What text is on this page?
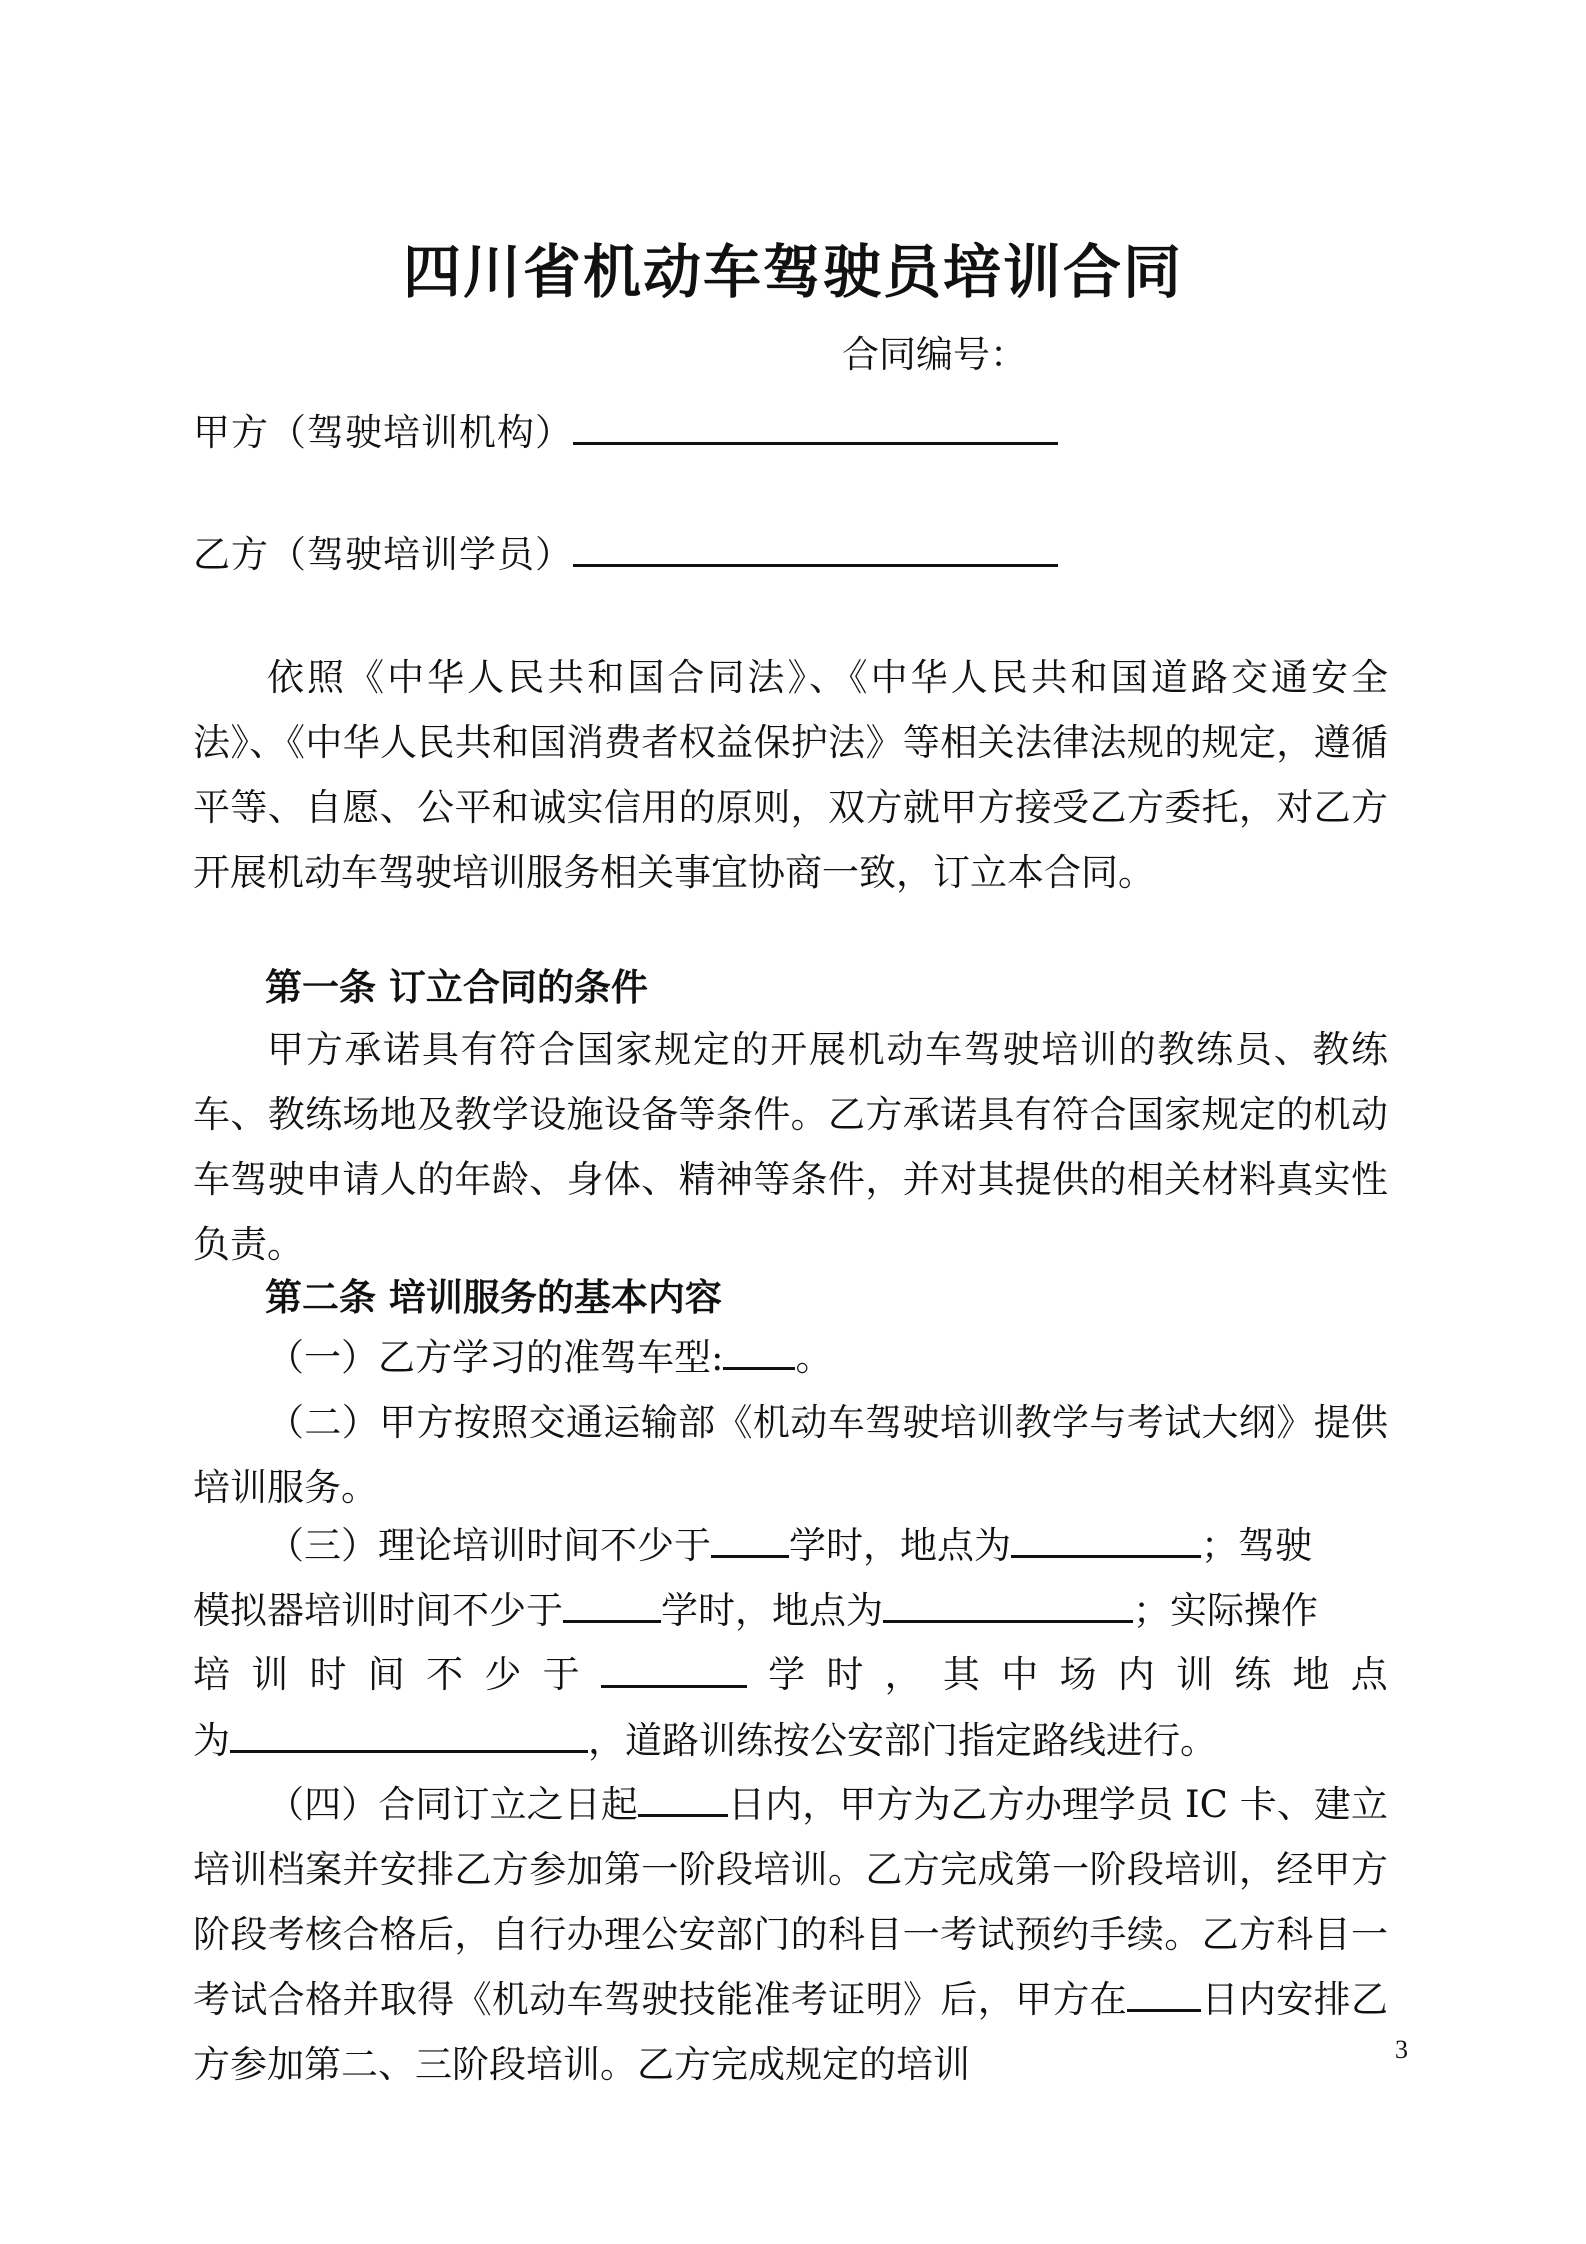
四川省机动车驾驶员培训合同
合同编号：
甲方（驾驶培训机构）
乙方（驾驶培训学员）
依照《中华人民共和国合同法》、《中华人民共和国道路交通安全法》、《中华人民共和国消费者权益保护法》等相关法律法规的规定，遵循平等、自愿、公平和诚实信用的原则，双方就甲方接受乙方委托，对乙方开展机动车驾驶培训服务相关事宜协商一致，订立本合同。
第一条 订立合同的条件
甲方承诺具有符合国家规定的开展机动车驾驶培训的教练员、教练车、教练场地及教学设施设备等条件。乙方承诺具有符合国家规定的机动车驾驶申请人的年龄、身体、精神等条件，并对其提供的相关材料真实性负责。
第二条 培训服务的基本内容
（一）乙方学习的准驾车型: 。
（二）甲方按照交通运输部《机动车驾驶培训教学与考试大纲》提供培训服务。
（三）理论培训时间不少于 学时，地点为	；驾驶
模拟器培训时间不少于	学时，地点为	；实际操作
培 训 时 间 不 少 于	学 时 ， 其 中 场 内 训 练 地 点
为	，道路训练按公安部门指定路线进行。
（四）合同订立之日起 日内，甲方为乙方办理学员 IC 卡、建立培训档案并安排乙方参加第一阶段培训。乙方完成第一阶段培训，经甲方阶段考核合格后，自行办理公安部门的科目一考试预约手续。乙方科目一考试合格并取得《机动车驾驶技能准考证明》后，甲方在 日内安排乙方参加第二、三阶段培训。乙方完成规定的培训	3
